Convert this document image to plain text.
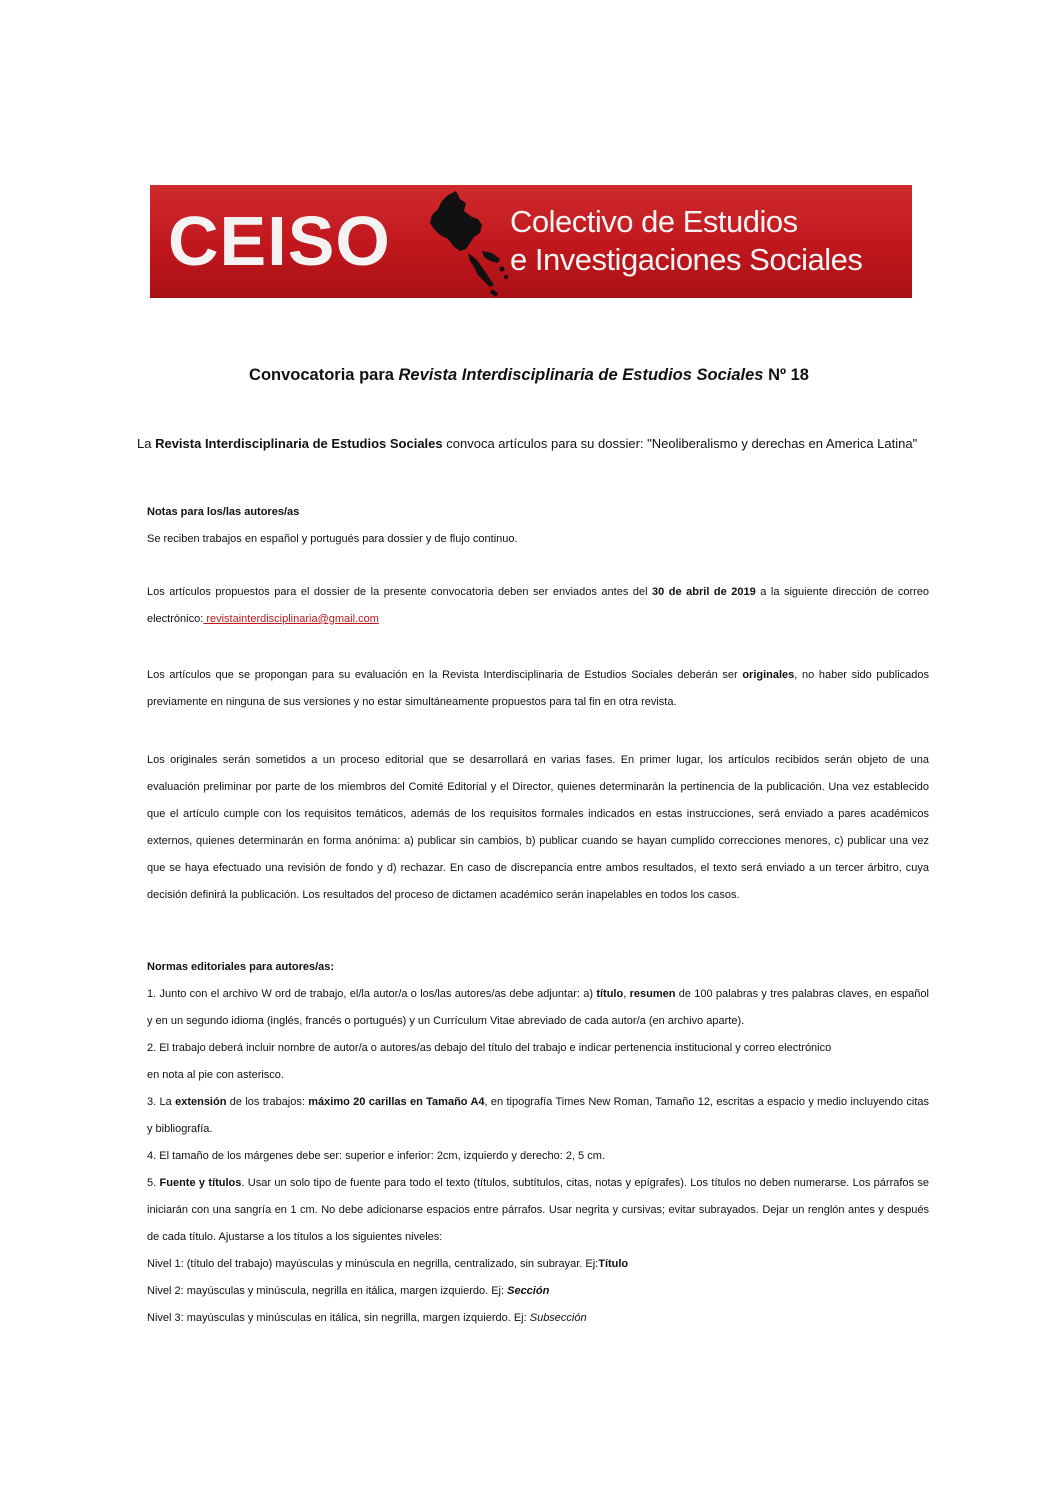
CEISO	Colectivo de Estudios
e Investigaciones Sociales
Convocatoria para Revista Interdisciplinaria de Estudios Sociales Nº 18
La Revista Interdisciplinaria de Estudios Sociales convoca artículos para su dossier: "Neoliberalismo y derechas en America Latina"

Notas para los/las autores/as

Se reciben trabajos en español y portugués para dossier y de flujo continuo.

Los artículos propuestos para el dossier de la presente convocatoria deben ser enviados antes del 30 de abril de 2019 a la siguiente dirección de correo electrónico: revistainterdisciplinaria@gmail.com

Los artículos que se propongan para su evaluación en la Revista Interdisciplinaria de Estudios Sociales deberán ser originales, no haber sido publicados previamente en ninguna de sus versiones y no estar simultáneamente propuestos para tal fin en otra revista.

Los originales serán sometidos a un proceso editorial que se desarrollará en varias fases. En primer lugar, los artículos recibidos serán objeto de una evaluación preliminar por parte de los miembros del Comité Editorial y el Director, quienes determinarán la pertinencia de la publicación. Una vez establecido que el artículo cumple con los requisitos temáticos, además de los requisitos formales indicados en estas instrucciones, será enviado a pares académicos externos, quienes determinarán en forma anónima: a) publicar sin cambios, b) publicar cuando se hayan cumplido correcciones menores, c) publicar una vez que se haya efectuado una revisión de fondo y d) rechazar. En caso de discrepancia entre ambos resultados, el texto será enviado a un tercer árbitro, cuya decisión definirá la publicación. Los resultados del proceso de dictamen académico serán inapelables en todos los casos.

Normas editoriales para autores/as:

1. Junto con el archivo W ord de trabajo, el/la autor/a o los/las autores/as debe adjuntar: a) título, resumen de 100 palabras y tres palabras claves, en español y en un segundo idioma (inglés, francés o portugués) y un Currículum Vitae abreviado de cada autor/a (en archivo aparte).

2. El trabajo deberá incluir nombre de autor/a o autores/as debajo del título del trabajo e indicar pertenencia institucional y correo electrónico

en nota al pie con asterisco.

3. La extensión de los trabajos: máximo 20 carillas en Tamaño A4, en tipografía Times New Roman, Tamaño 12, escritas a espacio y medio incluyendo citas y bibliografía.

4. El tamaño de los márgenes debe ser: superior e inferior: 2cm, izquierdo y derecho: 2, 5 cm.

5. Fuente y títulos. Usar un solo tipo de fuente para todo el texto (títulos, subtítulos, citas, notas y epígrafes). Los títulos no deben numerarse. Los párrafos se iniciarán con una sangría en 1 cm. No debe adicionarse espacios entre párrafos. Usar negrita y cursivas; evitar subrayados. Dejar un renglón antes y después de cada título. Ajustarse a los títulos a los siguientes niveles:

Nivel 1: (título del trabajo) mayúsculas y minúscula en negrilla, centralizado, sin subrayar. Ej:Título

Nivel 2: mayúsculas y minúscula, negrilla en itálica, margen izquierdo. Ej: Sección

Nivel 3: mayúsculas y minúsculas en itálica, sin negrilla, margen izquierdo. Ej: Subsección
